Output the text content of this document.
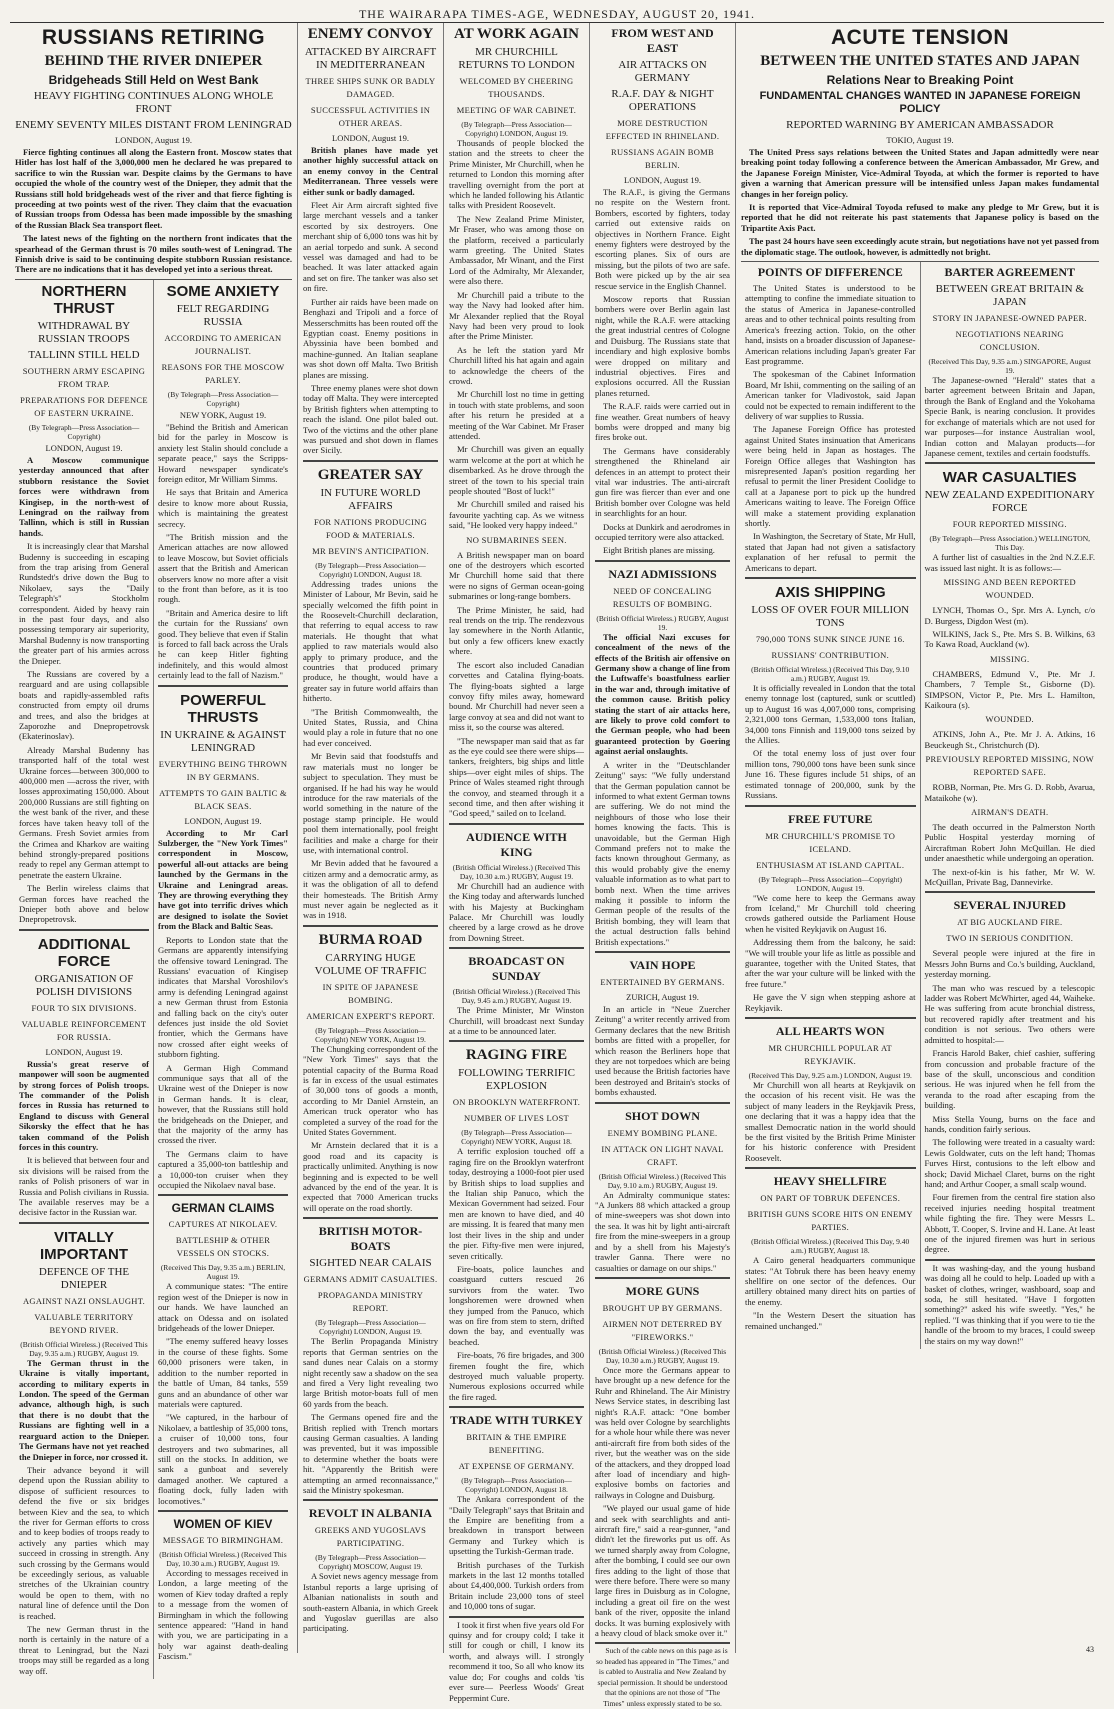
THE WAIRARAPA TIMES-AGE, WEDNESDAY, AUGUST 20, 1941.
RUSSIANS RETIRING
BEHIND THE RIVER DNIEPER
Bridgeheads Still Held on West Bank
HEAVY FIGHTING CONTINUES ALONG WHOLE FRONT
ENEMY SEVENTY MILES DISTANT FROM LENINGRAD
LONDON, August 19.

Fierce fighting continues all along the Eastern front. Moscow states that Hitler has lost half of the 3,000,000 men he declared he was prepared to sacrifice to win the Russian war. Despite claims by the Germans to have occupied the whole of the country west of the Dnieper, they admit that the Russians still hold bridgeheads west of the river and that fierce fighting is proceeding at two points west of the river. They claim that the evacuation of Russian troops from Odessa has been made impossible by the smashing of the Russian Black Sea transport fleet.

The latest news of the fighting on the northern front indicates that the spearhead of the German thrust is 70 miles south-west of Leningrad. The Finnish drive is said to be continuing despite stubborn Russian resistance. There are no indications that it has developed yet into a serious threat.

NORTHERN THRUST
WITHDRAWAL BY RUSSIAN TROOPS
TALLINN STILL HELD
SOUTHERN ARMY ESCAPING FROM TRAP.
PREPARATIONS FOR DEFENCE OF EASTERN UKRAINE.
(By Telegraph—Press Association—Copyright)
LONDON, August 19.

A Moscow communique yesterday announced that after stubborn resistance the Soviet forces were withdrawn from Kingisep, in the north-west of Leningrad on the railway from Tallinn, which is still in Russian hands.

It is increasingly clear that Marshal Budenny is succeeding in escaping from the trap arising from General Rundstedt's drive down the Bug to Nikolaev, says the "Daily Telegraph's" Stockholm correspondent. Aided by heavy rain in the past four days, and also possessing temporary air superiority, Marshal Budenny is now transporting the greater part of his armies across the Dnieper.

The Russians are covered by a rearguard and are using collapsible boats and rapidly-assembled rafts constructed from empty oil drums and trees, and also the bridges at Zaporozhe and Dnepropetrovsk (Ekaterinoslav).

Already Marshal Budenny has transported half of the total west Ukraine forces—between 300,000 to 400,000 men —across the river, with losses approximating 150,000. About 200,000 Russians are still fighting on the west bank of the river, and these forces have taken heavy toll of the Germans. Fresh Soviet armies from the Crimea and Kharkov are waiting behind strongly-prepared positions ready to repel any German attempt to penetrate the eastern Ukraine.

The Berlin wireless claims that German forces have reached the Dnieper both above and below Dnepropetrovsk.

ADDITIONAL FORCE
ORGANISATION OF POLISH DIVISIONS
FOUR TO SIX DIVISIONS.
VALUABLE REINFORCEMENT FOR RUSSIA.
LONDON, August 19.

Russia's great reserve of manpower will soon be augmented by strong forces of Polish troops. The commander of the Polish forces in Russia has returned to England to discuss with General Sikorsky the effect that he has taken command of the Polish forces in this country.

It is believed that between four and six divisions will be raised from the ranks of Polish prisoners of war in Russia and Polish civilians in Russia. The available reserves may be a decisive factor in the Russian war.

VITALLY IMPORTANT
DEFENCE OF THE DNIEPER
AGAINST NAZI ONSLAUGHT.
VALUABLE TERRITORY BEYOND RIVER.
(British Official Wireless.) (Received This Day, 9.35 a.m.) RUGBY, August 19.

The German thrust in the Ukraine is vitally important, according to military experts in London. The speed of the German advance, although high, is such that there is no doubt that the Russians are fighting well in a rearguard action to the Dnieper. The Germans have not yet reached the Dnieper in force, nor crossed it.

Their advance beyond it will depend upon the Russian ability to dispose of sufficient resources to defend the five or six bridges between Kiev and the sea, to which the river for German efforts to cross and to keep bodies of troops ready to actively any parties which may succeed in crossing in strength. Any such crossing by the Germans would be exceedingly serious, as valuable stretches of the Ukrainian country would be open to them, with no natural line of defence until the Don is reached.

The new German thrust in the north is certainly in the nature of a threat to Leningrad, but the Nazi troops may still be regarded as a long way off.

SOME ANXIETY
FELT REGARDING RUSSIA
ACCORDING TO AMERICAN JOURNALIST.
REASONS FOR THE MOSCOW PARLEY.
(By Telegraph—Press Association—Copyright)
NEW YORK, August 19.

"Behind the British and American bid for the parley in Moscow is anxiety lest Stalin should conclude a separate peace," says the Scripps-Howard newspaper syndicate's foreign editor, Mr William Simms.

He says that Britain and America desire to know more about Russia, which is maintaining the greatest secrecy.

"The British mission and the American attaches are now allowed to leave Moscow, but Soviet officials assert that the British and American observers know no more after a visit to the front than before, as it is too rough.

"Britain and America desire to lift the curtain for the Russians' own good. They believe that even if Stalin is forced to fall back across the Urals he can keep Hitler fighting indefinitely, and this would almost certainly lead to the fall of Nazism."

POWERFUL THRUSTS
IN UKRAINE & AGAINST LENINGRAD
EVERYTHING BEING THROWN IN BY GERMANS.
ATTEMPTS TO GAIN BALTIC & BLACK SEAS.
LONDON, August 19.

According to Mr Carl Sulzberger, the "New York Times" correspondent in Moscow, powerful all-out attacks are being launched by the Germans in the Ukraine and Leningrad areas. They are throwing everything they have got into terrific drives which are designed to isolate the Soviet from the Black and Baltic Seas.

Reports to London state that the Germans are apparently intensifying the offensive toward Leningrad. The Russians' evacuation of Kingisep indicates that Marshal Voroshilov's army is defending Leningrad against a new German thrust from Estonia and falling back on the city's outer defences just inside the old Soviet frontier, which the Germans have now crossed after eight weeks of stubborn fighting.

A German High Command communique says that all of the Ukraine west of the Dnieper is now in German hands. It is clear, however, that the Russians still hold the bridgeheads on the Dnieper, and that the majority of the army has crossed the river.

The Germans claim to have captured a 35,000-ton battleship and a 10,000-ton cruiser when they occupied the Nikolaev naval base.

GERMAN CLAIMS
CAPTURES AT NIKOLAEV.
BATTLESHIP & OTHER VESSELS ON STOCKS.
(Received This Day, 9.35 a.m.) BERLIN, August 19.

A communique states: "The entire region west of the Dnieper is now in our hands. We have launched an attack on Odessa and on isolated bridgeheads of the lower Dnieper.

"The enemy suffered heavy losses in the course of these fights. Some 60,000 prisoners were taken, in addition to the number reported in the battle of Uman, 84 tanks, 559 guns and an abundance of other war materials were captured.

"We captured, in the harbour of Nikolaev, a battleship of 35,000 tons, a cruiser of 10,000 tons, four destroyers and two submarines, all still on the stocks. In addition, we sank a gunboat and severely damaged another. We captured a floating dock, fully laden with locomotives."

WOMEN OF KIEV
MESSAGE TO BIRMINGHAM.
(British Official Wireless.) (Received This Day, 10.30 a.m.) RUGBY, August 19.

According to messages received in London, a large meeting of the women of Kiev today drafted a reply to a message from the women of Birmingham in which the following sentence appeared: "Hand in hand with you, we are participating in a holy war against death-dealing Fascism."

ENEMY CONVOY
ATTACKED BY AIRCRAFT IN MEDITERRANEAN
THREE SHIPS SUNK OR BADLY DAMAGED.
SUCCESSFUL ACTIVITIES IN OTHER AREAS.
LONDON, August 19.

British planes have made yet another highly successful attack on an enemy convoy in the Central Mediterranean. Three vessels were either sunk or badly damaged.

Fleet Air Arm aircraft sighted five large merchant vessels and a tanker escorted by six destroyers. One merchant ship of 6,000 tons was hit by an aerial torpedo and sunk. A second vessel was damaged and had to be beached. It was later attacked again and set on fire. The tanker was also set on fire.

Further air raids have been made on Benghazi and Tripoli and a force of Messerschmitts has been routed off the Egyptian coast. Enemy positions in Abyssinia have been bombed and machine-gunned. An Italian seaplane was shot down off Malta. Two British planes are missing.

Three enemy planes were shot down today off Malta. They were intercepted by British fighters when attempting to reach the island. One pilot baled out. Two of the victims and the other plane was pursued and shot down in flames over Sicily.

GREATER SAY
IN FUTURE WORLD AFFAIRS
FOR NATIONS PRODUCING FOOD & MATERIALS.
MR BEVIN'S ANTICIPATION.
(By Telegraph—Press Association—Copyright) LONDON, August 18.

Addressing trades unions the Minister of Labour, Mr Bevin, said he specially welcomed the fifth point in the Roosevelt-Churchill declaration, that referring to equal access to raw materials. He thought that what applied to raw materials would also apply to primary produce, and the countries that produced primary produce, he thought, would have a greater say in future world affairs than hitherto.

"The British Commonwealth, the United States, Russia, and China would play a role in future that no one had ever conceived.

Mr Bevin said that foodstuffs and raw materials must no longer be subject to speculation. They must be organised. If he had his way he would introduce for the raw materials of the world something in the nature of the postage stamp principle. He would pool them internationally, pool freight facilities and make a charge for their use, with international control.

Mr Bevin added that he favoured a citizen army and a democratic army, as it was the obligation of all to defend their homesteads. The British Army must never again be neglected as it was in 1918.

BURMA ROAD
CARRYING HUGE VOLUME OF TRAFFIC
IN SPITE OF JAPANESE BOMBING.
AMERICAN EXPERT'S REPORT.
(By Telegraph—Press Association—Copyright) NEW YORK, August 19.

The Chungking correspondent of the "New York Times" says that the potential capacity of the Burma Road is far in excess of the usual estimates of 30,000 tons of goods a month, according to Mr Daniel Arnstein, an American truck operator who has completed a survey of the road for the United States Government.

Mr Arnstein declared that it is a good road and its capacity is practically unlimited. Anything is now beginning and is expected to be well advanced by the end of the year. It is expected that 7000 American trucks will operate on the road shortly.

BRITISH MOTOR-BOATS
SIGHTED NEAR CALAIS
GERMANS ADMIT CASUALTIES.
PROPAGANDA MINISTRY REPORT.
(By Telegraph—Press Association—Copyright) LONDON, August 19.

The Berlin Propaganda Ministry reports that German sentries on the sand dunes near Calais on a stormy night recently saw a shadow on the sea and fired a Very light revealing two large British motor-boats full of men 60 yards from the beach.

The Germans opened fire and the British replied with Trench mortars causing German casualties. A landing was prevented, but it was impossible to determine whether the boats were hit. "Apparently the British were attempting an armed reconnaissance," said the Ministry spokesman.

REVOLT IN ALBANIA
GREEKS AND YUGOSLAVS PARTICIPATING.
(By Telegraph—Press Association—Copyright) MOSCOW, August 19.

A Soviet news agency message from Istanbul reports a large uprising of Albanian nationalists in south and south-eastern Albania, in which Greek and Yugoslav guerillas are also participating.

AT WORK AGAIN
MR CHURCHILL RETURNS TO LONDON
WELCOMED BY CHEERING THOUSANDS.
MEETING OF WAR CABINET.
(By Telegraph—Press Association—Copyright) LONDON, August 19.

Thousands of people blocked the station and the streets to cheer the Prime Minister, Mr Churchill, when he returned to London this morning after travelling overnight from the port at which he landed following his Atlantic talks with President Roosevelt.

The New Zealand Prime Minister, Mr Fraser, who was among those on the platform, received a particularly warm greeting. The United States Ambassador, Mr Winant, and the First Lord of the Admiralty, Mr Alexander, were also there.

Mr Churchill paid a tribute to the way the Navy had looked after him. Mr Alexander replied that the Royal Navy had been very proud to look after the Prime Minister.

As he left the station yard Mr Churchill lifted his hat again and again to acknowledge the cheers of the crowd.

Mr Churchill lost no time in getting in touch with state problems, and soon after his return he presided at a meeting of the War Cabinet. Mr Fraser attended.

Mr Churchill was given an equally warm welcome at the port at which he disembarked. As he drove through the street of the town to his special train people shouted "Bost of luck!"

Mr Churchill smiled and raised his favourite yachting cap. As we witness said, "He looked very happy indeed."

NO SUBMARINES SEEN.

A British newspaper man on board one of the destroyers which escorted Mr Churchill home said that there were no signs of German ocean-going submarines or long-range bombers.

The Prime Minister, he said, had real trends on the trip. The rendezvous lay somewhere in the North Atlantic, but only a few officers knew exactly where.

The escort also included Canadian corvettes and Catalina flying-boats. The flying-boats sighted a large convoy fifty miles away, homeward bound. Mr Churchill had never seen a large convoy at sea and did not want to miss it, so the course was altered.

"The newspaper man said that as far as the eye could see there were ships—tankers, freighters, big ships and little ships—over eight miles of ships. The Prince of Wales steamed right through the convoy, and steamed through it a second time, and then after wishing it "God speed," sailed on to Iceland.

AUDIENCE WITH KING
(British Official Wireless.) (Received This Day, 10.30 a.m.) RUGBY, August 19.

Mr Churchill had an audience with the King today and afterwards lunched with his Majesty at Buckingham Palace. Mr Churchill was loudly cheered by a large crowd as he drove from Downing Street.

BROADCAST ON SUNDAY
(British Official Wireless.) (Received This Day, 9.45 a.m.) RUGBY, August 19.

The Prime Minister, Mr Winston Churchill, will broadcast next Sunday at a time to be announced later.

RAGING FIRE
FOLLOWING TERRIFIC EXPLOSION
ON BROOKLYN WATERFRONT.
NUMBER OF LIVES LOST
(By Telegraph—Press Association—Copyright) NEW YORK, August 18.

A terrific explosion touched off a raging fire on the Brooklyn waterfront today, destroying a 1000-foot pier used by British ships to load supplies and the Italian ship Panuco, which the Mexican Government had seized. Four men are known to have died, and 40 are missing. It is feared that many men lost their lives in the ship and under the pier. Fifty-five men were injured, seven critically.

Fire-boats, police launches and coastguard cutters rescued 26 survivors from the water. Two longshoremen were drowned when they jumped from the Panuco, which was on fire from stem to stern, drifted down the bay, and eventually was beached.

Fire-boats, 76 fire brigades, and 300 firemen fought the fire, which destroyed much valuable property. Numerous explosions occurred while the fire raged.

TRADE WITH TURKEY
BRITAIN & THE EMPIRE BENEFITING.
AT EXPENSE OF GERMANY.
(By Telegraph—Press Association—Copyright) LONDON, August 18.

The Ankara correspondent of the "Daily Telegraph" says that Britain and the Empire are benefiting from a breakdown in transport between Germany and Turkey which is upsetting the Turkish-German trade.

British purchases of the Turkish markets in the last 12 months totalled about £4,400,000. Turkish orders from Britain include 23,000 tons of steel and 10,000 tons of sugar.

I took it first when five years old For quinsy and for croupy cold; I take it still for cough or chill, I know its worth, and always will. I strongly recommend it too, So all who know its value do; For coughs and colds 'tis ever sure— Peerless Woods' Great Peppermint Cure.

FROM WEST AND EAST
AIR ATTACKS ON GERMANY
R.A.F. DAY & NIGHT OPERATIONS
MORE DESTRUCTION EFFECTED IN RHINELAND.
RUSSIANS AGAIN BOMB BERLIN.
LONDON, August 19.

The R.A.F., is giving the Germans no respite on the Western front. Bombers, escorted by fighters, today carried out extensive raids on objectives in Northern France. Eight enemy fighters were destroyed by the escorting planes. Six of ours are missing, but the pilots of two are safe. Both were picked up by the air sea rescue service in the English Channel.

Moscow reports that Russian bombers were over Berlin again last night, while the R.A.F. were attacking the great industrial centres of Cologne and Duisburg. The Russians state that incendiary and high explosive bombs were dropped on military and industrial objectives. Fires and explosions occurred. All the Russian planes returned.

The R.A.F. raids were carried out in fine weather. Great numbers of heavy bombs were dropped and many big fires broke out.

The Germans have considerably strengthened the Rhineland air defences in an attempt to protect their vital war industries. The anti-aircraft gun fire was fiercer than ever and one British bomber over Cologne was held in searchlights for an hour.

Docks at Dunkirk and aerodromes in occupied territory were also attacked.

Eight British planes are missing.

NAZI ADMISSIONS
NEED OF CONCEALING RESULTS OF BOMBING.
(British Official Wireless.) RUGBY, August 19.

The official Nazi excuses for concealment of the news of the effects of the British air offensive on Germany show a change of line from the Luftwaffe's boastfulness earlier in the war and, through imitative of the common cause. British policy stating the start of air attacks here, are likely to prove cold comfort to the German people, who had been guaranteed protection by Goering against aerial onslaughts.

A writer in the "Deutschlander Zeitung" says: "We fully understand that the German population cannot be informed to what extent German towns are suffering. We do not mind the neighbours of those who lose their homes knowing the facts. This is unavoidable, but the German High Command prefers not to make the facts known throughout Germany, as this would probably give the enemy valuable information as to what part to bomb next. When the time arrives making it possible to inform the German people of the results of the British bombing, they will learn that the actual destruction falls behind British expectations."

VAIN HOPE
ENTERTAINED BY GERMANS.
ZURICH, August 19.

In an article in "Neue Zuercher Zeitung" a writer recently arrived from Germany declares that the new British bombs are fitted with a propeller, for which reason the Berliners hope that they are not torpedoes which are being used because the British factories have been destroyed and Britain's stocks of bombs exhausted.

SHOT DOWN
ENEMY BOMBING PLANE.
IN ATTACK ON LIGHT NAVAL CRAFT.
(British Official Wireless.) (Received This Day, 9.10 a.m.) RUGBY, August 19.

An Admiralty communique states: "A Junkers 88 which attacked a group of mine-sweepers was shot down into the sea. It was hit by light anti-aircraft fire from the mine-sweepers in a group and by a shell from his Majesty's trawler Ganna. There were no casualties or damage on our ships."

MORE GUNS
BROUGHT UP BY GERMANS.
AIRMEN NOT DETERRED BY "FIREWORKS."
(British Official Wireless.) (Received This Day, 10.30 a.m.) RUGBY, August 19.

Once more the Germans appear to have brought up a new defence for the Ruhr and Rhineland. The Air Ministry News Service states, in describing last night's R.A.F. attack: "One bomber was held over Cologne by searchlights for a whole hour while there was never anti-aircraft fire from both sides of the river, but the weather was on the side of the attackers, and they dropped load after load of incendiary and high-explosive bombs on factories and railways in Cologne and Duisburg.

"We played our usual game of hide and seek with searchlights and anti-aircraft fire," said a rear-gunner, "and didn't let the fireworks put us off. As we turned sharply away from Cologne, after the bombing, I could see our own fires adding to the light of those that were there before. There were so many large fires in Duisburg as in Cologne, including a great oil fire on the west bank of the river, opposite the inland docks. It was burning explosively with a heavy cloud of black smoke over it."

Such of the cable news on this page as is so headed has appeared in "The Times," and is cabled to Australia and New Zealand by special permission. It should be understood that the opinions are not those of "The Times" unless expressly stated to be so.

ACUTE TENSION
BETWEEN THE UNITED STATES AND JAPAN
Relations Near to Breaking Point
FUNDAMENTAL CHANGES WANTED IN JAPANESE FOREIGN POLICY
REPORTED WARNING BY AMERICAN AMBASSADOR
TOKIO, August 19.

The United Press says relations between the United States and Japan admittedly were near breaking point today following a conference between the American Ambassador, Mr Grew, and the Japanese Foreign Minister, Vice-Admiral Toyoda, at which the former is reported to have given a warning that American pressure will be intensified unless Japan makes fundamental changes in her foreign policy.

It is reported that Vice-Admiral Toyoda refused to make any pledge to Mr Grew, but it is reported that he did not reiterate his past statements that Japanese policy is based on the Tripartite Axis Pact.

The past 24 hours have seen exceedingly acute strain, but negotiations have not yet passed from the diplomatic stage. The outlook, however, is admittedly not bright.

POINTS OF DIFFERENCE

The United States is understood to be attempting to confine the immediate situation to the status of America in Japanese-controlled areas and to other technical points resulting from America's freezing action. Tokio, on the other hand, insists on a broader discussion of Japanese-American relations including Japan's greater Far East programme.

The spokesman of the Cabinet Information Board, Mr Ishii, commenting on the sailing of an American tanker for Vladivostok, said Japan could not be expected to remain indifferent to the delivery of war supplies to Russia.

The Japanese Foreign Office has protested against United States insinuation that Americans were being held in Japan as hostages. The Foreign Office alleges that Washington has misrepresented Japan's position regarding her refusal to permit the liner President Coolidge to call at a Japanese port to pick up the hundred Americans waiting to leave. The Foreign Office will make a statement providing explanation shortly.

In Washington, the Secretary of State, Mr Hull, stated that Japan had not given a satisfactory explanation of her refusal to permit the Americans to depart.

AXIS SHIPPING
LOSS OF OVER FOUR MILLION TONS
790,000 TONS SUNK SINCE JUNE 16.
RUSSIANS' CONTRIBUTION.
(British Official Wireless.) (Received This Day, 9.10 a.m.) RUGBY, August 19.

It is officially revealed in London that the total enemy tonnage lost (captured, sunk or scuttled) up to August 16 was 4,007,000 tons, comprising 2,321,000 tons German, 1,533,000 tons Italian, 34,000 tons Finnish and 119,000 tons seized by the Allies.

Of the total enemy loss of just over four million tons, 790,000 tons have been sunk since June 16. These figures include 51 ships, of an estimated tonnage of 200,000, sunk by the Russians.

FREE FUTURE
MR CHURCHILL'S PROMISE TO ICELAND.
ENTHUSIASM AT ISLAND CAPITAL.
(By Telegraph—Press Association—Copyright) LONDON, August 19.

"We come here to keep the Germans away from Iceland," Mr Churchill told cheering crowds gathered outside the Parliament House when he visited Reykjavik on August 16.

Addressing them from the balcony, he said: "We will trouble your life as little as possible and guarantee, together with the United States, that after the war your culture will be linked with the free future."

He gave the V sign when stepping ashore at Reykjavik.

ALL HEARTS WON
MR CHURCHILL POPULAR AT REYKJAVIK.
(Received This Day, 9.25 a.m.) LONDON, August 19.

Mr Churchill won all hearts at Reykjavik on the occasion of his recent visit. He was the subject of many leaders in the Reykjavik Press, one declaring that it was a happy idea that the smallest Democratic nation in the world should be the first visited by the British Prime Minister for his historic conference with President Roosevelt.

HEAVY SHELLFIRE
ON PART OF TOBRUK DEFENCES.
BRITISH GUNS SCORE HITS ON ENEMY PARTIES.
(British Official Wireless.) (Received This Day, 9.40 a.m.) RUGBY, August 18.

A Cairo general headquarters communique states: "At Tobruk there has been heavy enemy shellfire on one sector of the defences. Our artillery obtained many direct hits on parties of the enemy.

"In the Western Desert the situation has remained unchanged."

BARTER AGREEMENT
BETWEEN GREAT BRITAIN & JAPAN
STORY IN JAPANESE-OWNED PAPER.
NEGOTIATIONS NEARING CONCLUSION.
(Received This Day, 9.35 a.m.) SINGAPORE, August 19.

The Japanese-owned "Herald" states that a barter agreement between Britain and Japan, through the Bank of England and the Yokohama Specie Bank, is nearing conclusion. It provides for exchange of materials which are not used for war purposes—for instance Australian wool, Indian cotton and Malayan products—for Japanese cement, textiles and certain foodstuffs.

WAR CASUALTIES
NEW ZEALAND EXPEDITIONARY FORCE
FOUR REPORTED MISSING.
(By Telegraph—Press Association.) WELLINGTON, This Day.

A further list of casualties in the 2nd N.Z.E.F. was issued last night. It is as follows:—

MISSING AND BEEN REPORTED WOUNDED.

LYNCH, Thomas O., Spr. Mrs A. Lynch, c/o D. Burgess, Digdon West (m).

WILKINS, Jack S., Pte. Mrs S. B. Wilkins, 63 To Kawa Road, Auckland (w).

MISSING.

CHAMBERS, Edmund V., Pte. Mr J. Chambers, 7 Temple St., Gisborne (D). SIMPSON, Victor P., Pte. Mrs L. Hamilton, Kaikoura (s).

WOUNDED.

ATKINS, John A., Pte. Mr J. A. Atkins, 16 Beuckeugh St., Christchurch (D).

PREVIOUSLY REPORTED MISSING, NOW REPORTED SAFE.

ROBB, Norman, Pte. Mrs G. D. Robb, Avarua, Mataikohe (w).

AIRMAN'S DEATH.

The death occurred in the Palmerston North Public Hospital yesterday morning of Aircraftman Robert John McQuillan. He died under anaesthetic while undergoing an operation.

The next-of-kin is his father, Mr W. W. McQuillan, Private Bag, Dannevirke.

SEVERAL INJURED
AT BIG AUCKLAND FIRE.
TWO IN SERIOUS CONDITION.

Several people were injured at the fire in Messrs John Burns and Co.'s building, Auckland, yesterday morning.

The man who was rescued by a telescopic ladder was Robert McWhirter, aged 44, Waiheke. He was suffering from acute bronchial distress, but recovered rapidly after treatment and his condition is not serious. Two others were admitted to hospital:—

Francis Harold Baker, chief cashier, suffering from concussion and probable fracture of the base of the skull, unconscious and condition serious. He was injured when he fell from the veranda to the road after escaping from the building.

Miss Stella Young, burns on the face and hands, condition fairly serious.

The following were treated in a casualty ward: Lewis Goldwater, cuts on the left hand; Thomas Furves Hirst, contusions to the left elbow and shock; David Michael Claret, burns on the right hand; and Arthur Cooper, a small scalp wound.

Four firemen from the central fire station also received injuries needing hospital treatment while fighting the fire. They were Messrs L. Abbott, T. Cooper, S. Irvine and H. Lane. At least one of the injured firemen was hurt in serious degree.

It was washing-day, and the young husband was doing all he could to help. Loaded up with a basket of clothes, wringer, washboard, soap and soda, he still hesitated. "Have I forgotten something?" asked his wife sweetly. "Yes," he replied. "I was thinking that if you were to tie the handle of the broom to my braces, I could sweep the stairs on my way down!"

43
